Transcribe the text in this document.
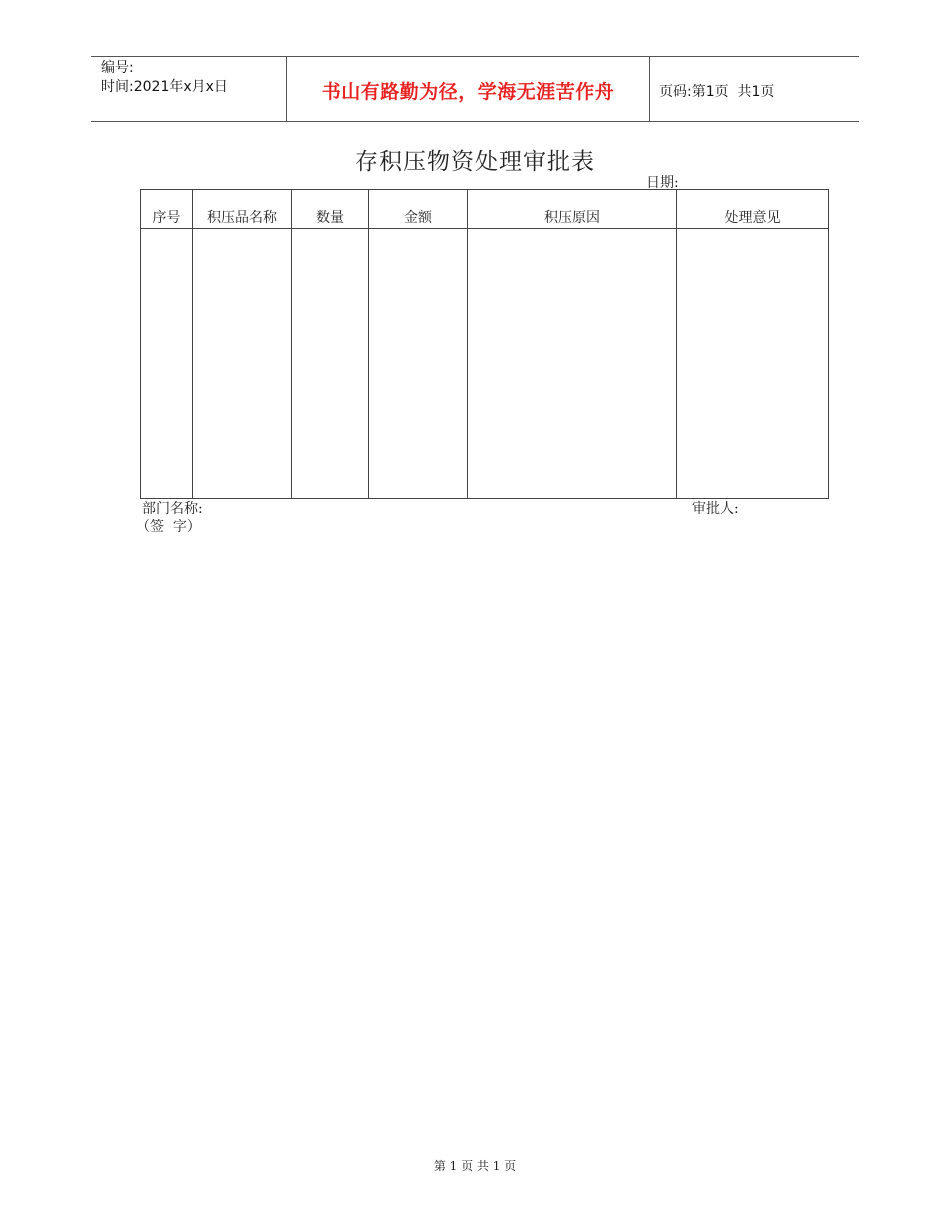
编号:
时间:2021年x月x日	书山有路勤为径，学海无涯苦作舟	页码:第1页  共1页
存积压物资处理审批表
日期:
序号	积压品名称	数量	金额	积压原因	处理意见

部门名称:	审批人:
（签  字）
第 1 页 共 1 页
